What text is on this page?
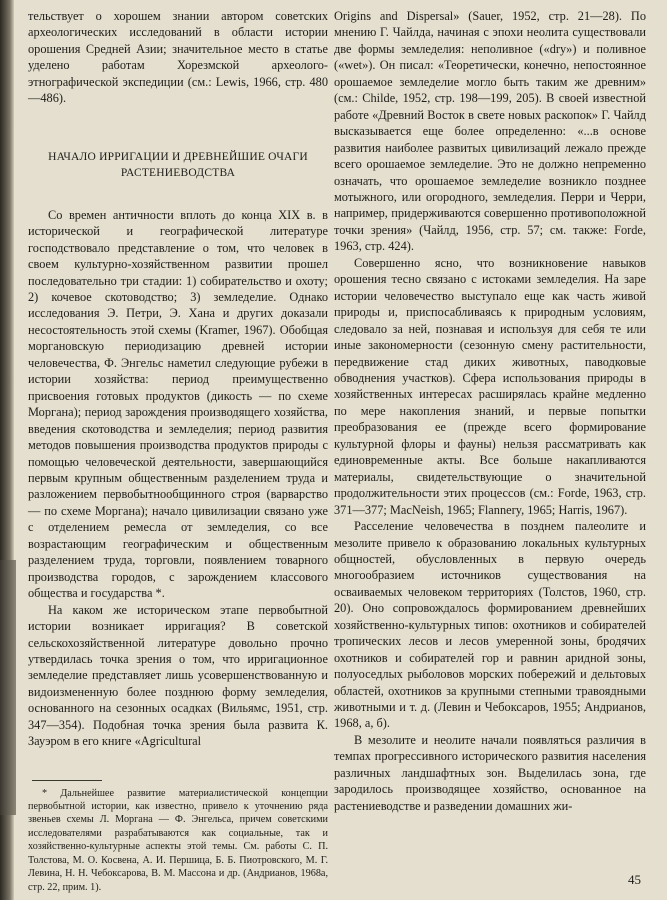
тельствует о хорошем знании автором советских археологических исследований в области истории орошения Средней Азии; значительное место в статье уделено работам Хорезмской археолого-этнографической экспедиции (см.: Lewis, 1966, стр. 480—486).

НАЧАЛО ИРРИГАЦИИ И ДРЕВНЕЙШИЕ ОЧАГИ РАСТЕНИЕВОДСТВА

Со времен античности вплоть до конца XIX в. в исторической и географической литературе господствовало представление о том, что человек в своем культурно-хозяйственном развитии прошел последовательно три стадии: 1) собирательство и охоту; 2) кочевое скотоводство; 3) земледелие. Однако исследования Э. Петри, Э. Хана и других доказали несостоятельность этой схемы (Kramer, 1967). Обобщая моргановскую периодизацию древней истории человечества, Ф. Энгельс наметил следующие рубежи в истории хозяйства: период преимущественно присвоения готовых продуктов (дикость — по схеме Моргана); период зарождения производящего хозяйства, введения скотоводства и земледелия; период развития методов повышения производства продуктов природы с помощью человеческой деятельности, завершающийся первым крупным общественным разделением труда и разложением первобытнообщинного строя (варварство — по схеме Моргана); начало цивилизации связано уже с отделением ремесла от земледелия, со все возрастающим географическим и общественным разделением труда, торговли, появлением товарного производства городов, с зарождением классового общества и государства *.

На каком же историческом этапе первобытной истории возникает ирригация? В советской сельскохозяйственной литературе довольно прочно утвердилась точка зрения о том, что ирригационное земледелие представляет лишь усовершенствованную и видоизмененную более позднюю форму земледелия, основанного на сезонных осадках (Вильямс, 1951, стр. 347—354). Подобная точка зрения была развита К. Зауэром в его книге «Agricultural

* Дальнейшее развитие материалистической концепции первобытной истории, как известно, привело к уточнению ряда звеньев схемы Л. Моргана — Ф. Энгельса, причем советскими исследователями разрабатываются как социальные, так и хозяйственно-культурные аспекты этой темы. См. работы С. П. Толстова, М. О. Косвена, А. И. Першица, Б. Б. Пиотровского, М. Г. Левина, Н. Н. Чебоксарова, В. М. Массона и др. (Андрианов, 1968а, стр. 22, прим. 1).

Origins and Dispersal» (Sauer, 1952, стр. 21—28). По мнению Г. Чайлда, начиная с эпохи неолита существовали две формы земледелия: неполивное («dry») и поливное («wet»). Он писал: «Теоретически, конечно, непостоянное орошаемое земледелие могло быть таким же древним» (см.: Childe, 1952, стр. 198—199, 205). В своей известной работе «Древний Восток в свете новых раскопок» Г. Чайлд высказывается еще более определенно: «...в основе развития наиболее развитых цивилизаций лежало прежде всего орошаемое земледелие. Это не должно непременно означать, что орошаемое земледелие возникло позднее мотыжного, или огородного, земледелия. Перри и Черри, например, придерживаются совершенно противоположной точки зрения» (Чайлд, 1956, стр. 57; см. также: Forde, 1963, стр. 424).

Совершенно ясно, что возникновение навыков орошения тесно связано с истоками земледелия. На заре истории человечество выступало еще как часть живой природы и, приспосабливаясь к природным условиям, следовало за ней, познавая и используя для себя те или иные закономерности (сезонную смену растительности, передвижение стад диких животных, паводковые обводнения участков). Сфера использования природы в хозяйственных интересах расширялась крайне медленно по мере накопления знаний, и первые попытки преобразования ее (прежде всего формирование культурной флоры и фауны) нельзя рассматривать как единовременные акты. Все больше накапливаются материалы, свидетельствующие о значительной продолжительности этих процессов (см.: Forde, 1963, стр. 371—377; MacNeish, 1965; Flannery, 1965; Harris, 1967).

Расселение человечества в позднем палеолите и мезолите привело к образованию локальных культурных общностей, обусловленных в первую очередь многообразием источников существования на осваиваемых человеком территориях (Толстов, 1960, стр. 20). Оно сопровождалось формированием древнейших хозяйственно-культурных типов: охотников и собирателей тропических лесов и лесов умеренной зоны, бродячих охотников и собирателей гор и равнин аридной зоны, полуоседлых рыболовов морских побережий и дельтовых областей, охотников за крупными степными травоядными животными и т. д. (Левин и Чебоксаров, 1955; Андрианов, 1968, а, б).

В мезолите и неолите начали появляться различия в темпах прогрессивного исторического развития населения различных ландшафтных зон. Выделилась зона, где зародилось производящее хозяйство, основанное на растениеводстве и разведении домашних жи-

45
